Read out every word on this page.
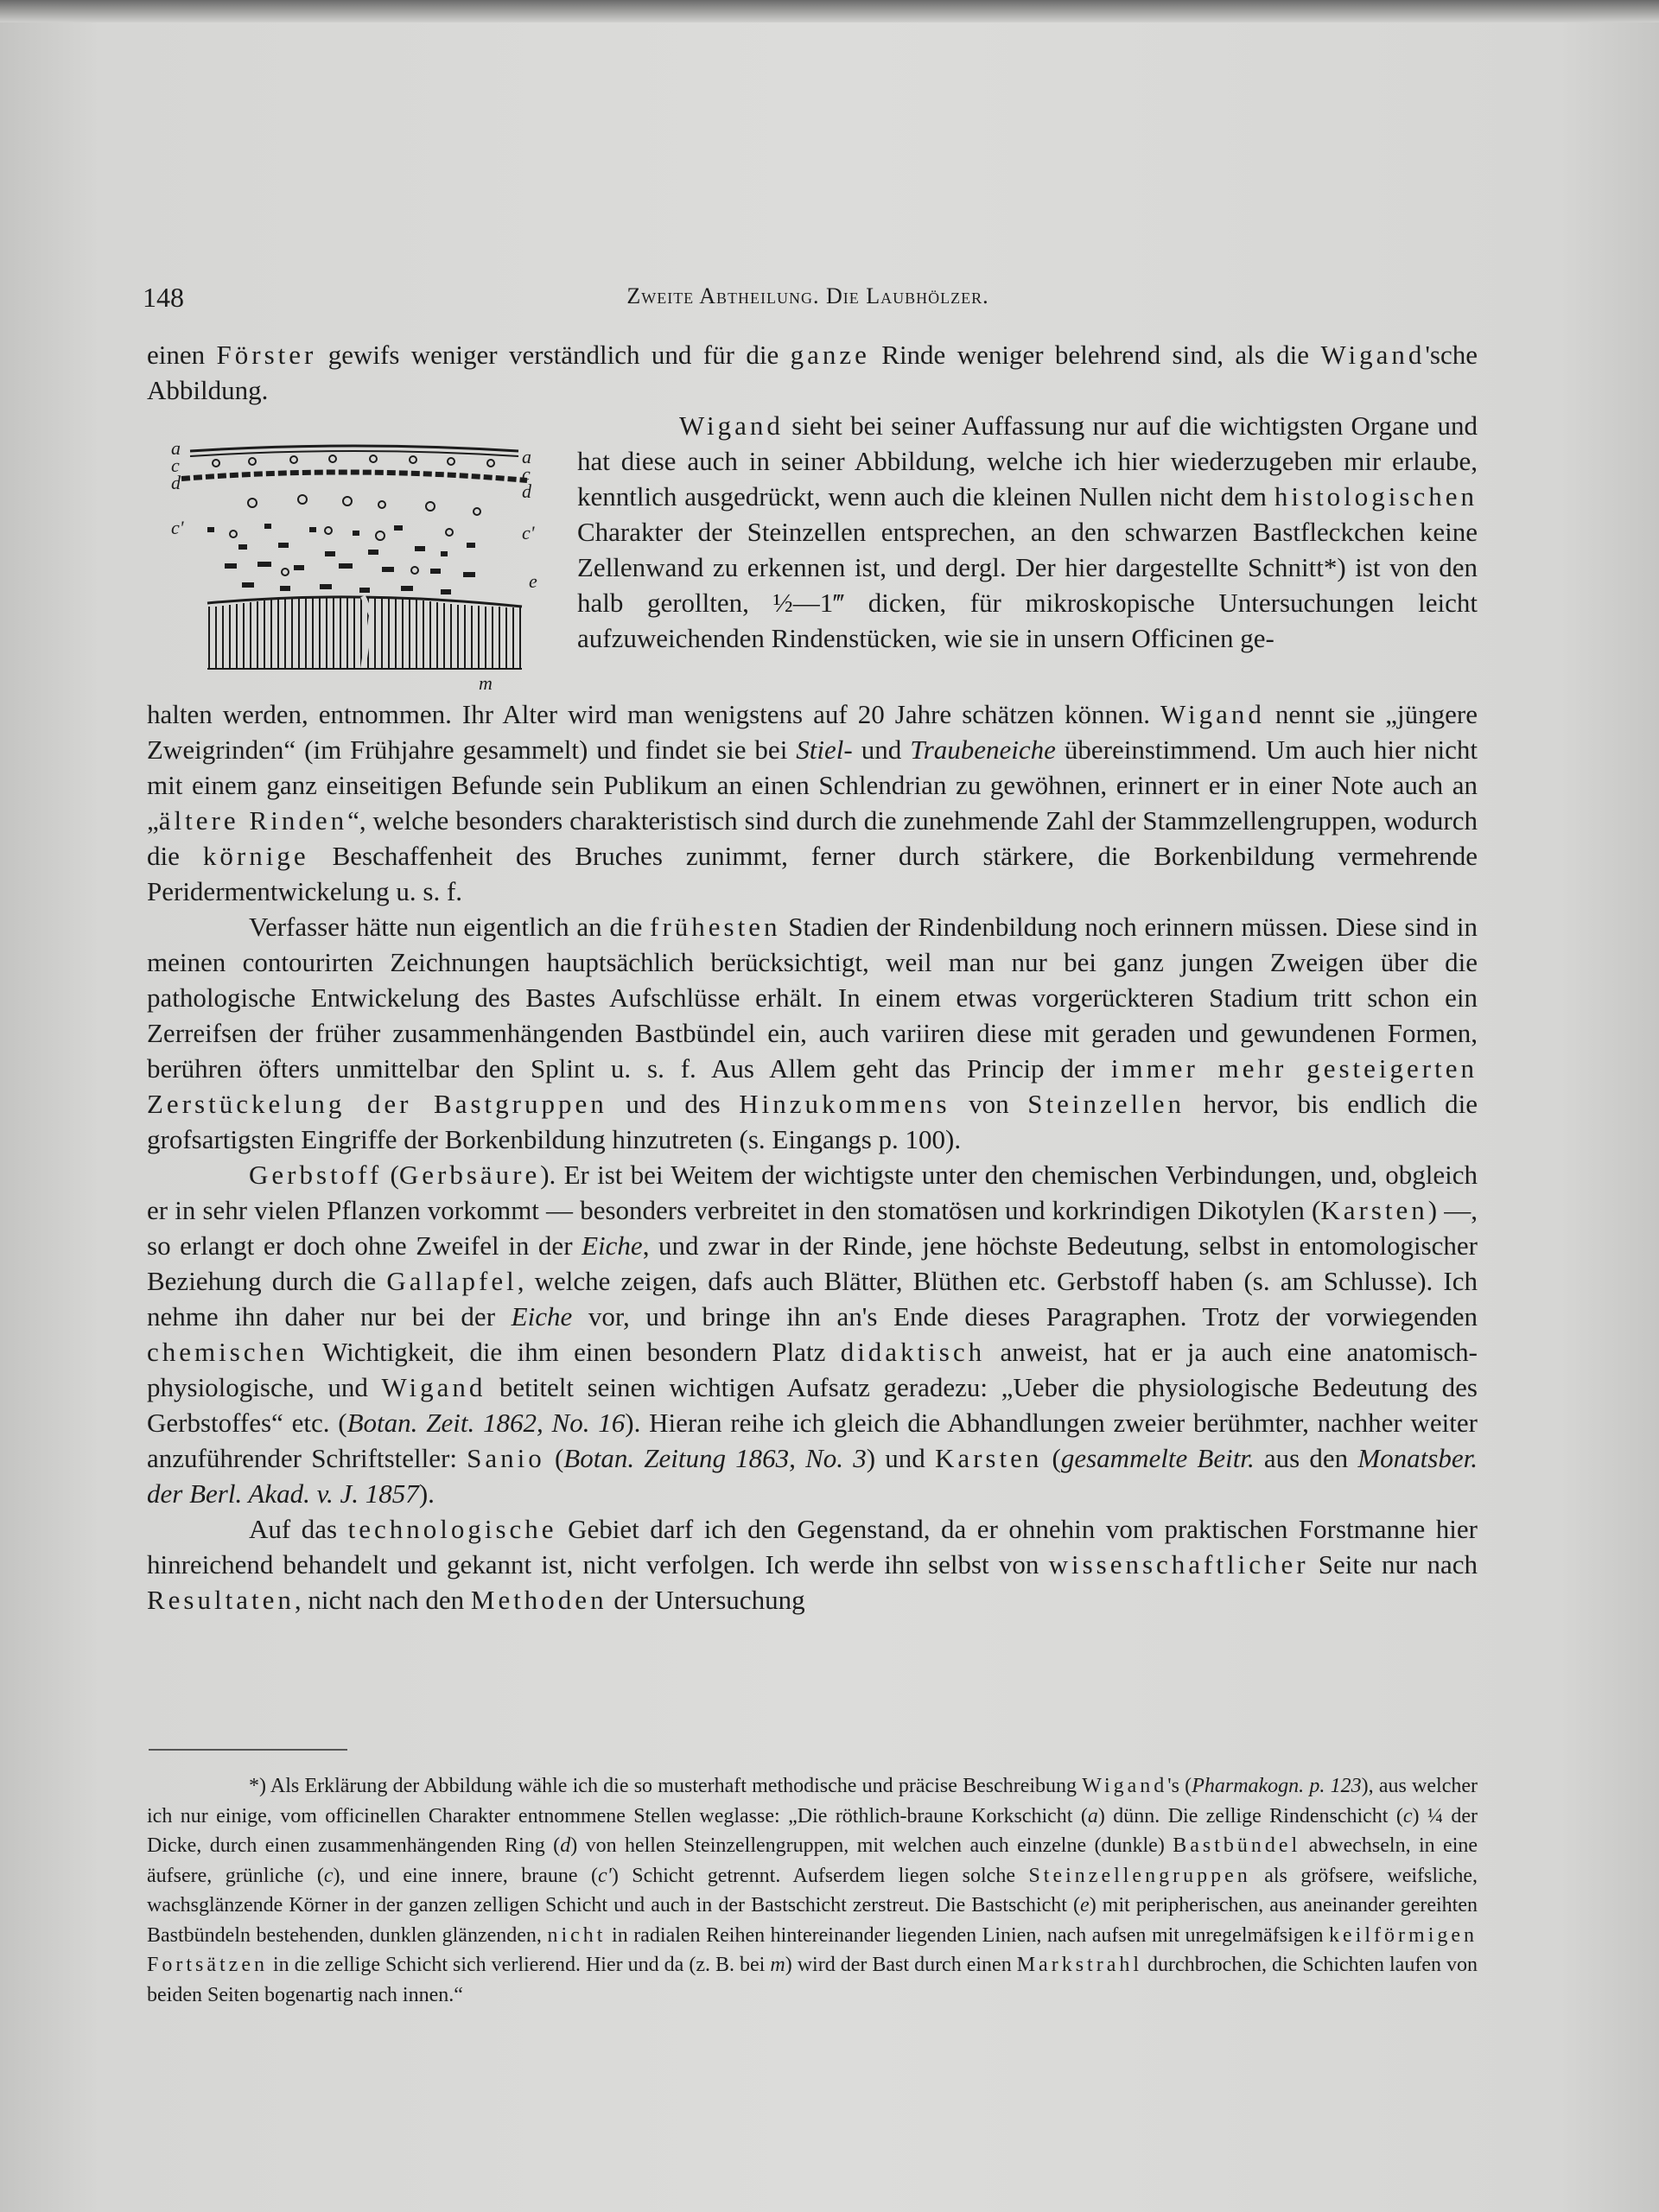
148	Zweite Abtheilung. Die Laubhölzer.

einen Förster gewifs weniger verständlich und für die ganze Rinde weniger belehrend sind, als die Wigand'sche Abbildung.

a
c
d
c'
a
c
d
c'
e
m

Wigand sieht bei seiner Auffassung nur auf die wichtigsten Organe und hat diese auch in seiner Abbildung, welche ich hier wiederzugeben mir erlaube, kenntlich ausgedrückt, wenn auch die kleinen Nullen nicht dem histologischen Charakter der Steinzellen entsprechen, an den schwarzen Bastfleckchen keine Zellenwand zu erkennen ist, und dergl. Der hier dargestellte Schnitt*) ist von den halb gerollten, ½—1‴ dicken, für mikroskopische Untersuchungen leicht aufzuweichenden Rindenstücken, wie sie in unsern Officinen ge-

halten werden, entnommen. Ihr Alter wird man wenigstens auf 20 Jahre schätzen können. Wigand nennt sie „jüngere Zweigrinden“ (im Frühjahre gesammelt) und findet sie bei Stiel- und Traubeneiche übereinstimmend. Um auch hier nicht mit einem ganz einseitigen Befunde sein Publikum an einen Schlendrian zu gewöhnen, erinnert er in einer Note auch an „ältere Rinden“, welche besonders charakteristisch sind durch die zunehmende Zahl der Stammzellengruppen, wodurch die körnige Beschaffenheit des Bruches zunimmt, ferner durch stärkere, die Borkenbildung vermehrende Peridermentwickelung u. s. f.

Verfasser hätte nun eigentlich an die frühesten Stadien der Rindenbildung noch erinnern müssen. Diese sind in meinen contourirten Zeichnungen hauptsächlich berücksichtigt, weil man nur bei ganz jungen Zweigen über die pathologische Entwickelung des Bastes Aufschlüsse erhält. In einem etwas vorgerückteren Stadium tritt schon ein Zerreifsen der früher zusammenhängenden Bastbündel ein, auch variiren diese mit geraden und gewundenen Formen, berühren öfters unmittelbar den Splint u. s. f. Aus Allem geht das Princip der immer mehr gesteigerten Zerstückelung der Bastgruppen und des Hinzukommens von Steinzellen hervor, bis endlich die grofsartigsten Eingriffe der Borkenbildung hinzutreten (s. Eingangs p. 100).

Gerbstoff (Gerbsäure). Er ist bei Weitem der wichtigste unter den chemischen Verbindungen, und, obgleich er in sehr vielen Pflanzen vorkommt — besonders verbreitet in den stomatösen und korkrindigen Dikotylen (Karsten) —, so erlangt er doch ohne Zweifel in der Eiche, und zwar in der Rinde, jene höchste Bedeutung, selbst in entomologischer Beziehung durch die Gallapfel, welche zeigen, dafs auch Blätter, Blüthen etc. Gerbstoff haben (s. am Schlusse). Ich nehme ihn daher nur bei der Eiche vor, und bringe ihn an's Ende dieses Paragraphen. Trotz der vorwiegenden chemischen Wichtigkeit, die ihm einen besondern Platz didaktisch anweist, hat er ja auch eine anatomisch-physiologische, und Wigand betitelt seinen wichtigen Aufsatz geradezu: „Ueber die physiologische Bedeutung des Gerbstoffes“ etc. (Botan. Zeit. 1862, No. 16). Hieran reihe ich gleich die Abhandlungen zweier berühmter, nachher weiter anzuführender Schriftsteller: Sanio (Botan. Zeitung 1863, No. 3) und Karsten (gesammelte Beitr. aus den Monatsber. der Berl. Akad. v. J. 1857).

Auf das technologische Gebiet darf ich den Gegenstand, da er ohnehin vom praktischen Forstmanne hier hinreichend behandelt und gekannt ist, nicht verfolgen. Ich werde ihn selbst von wissenschaftlicher Seite nur nach Resultaten, nicht nach den Methoden der Untersuchung

*) Als Erklärung der Abbildung wähle ich die so musterhaft methodische und präcise Beschreibung Wigand's (Pharmakogn. p. 123), aus welcher ich nur einige, vom officinellen Charakter entnommene Stellen weglasse: „Die röthlich-braune Korkschicht (a) dünn. Die zellige Rindenschicht (c) ¼ der Dicke, durch einen zusammenhängenden Ring (d) von hellen Steinzellengruppen, mit welchen auch einzelne (dunkle) Bastbündel abwechseln, in eine äufsere, grünliche (c), und eine innere, braune (c') Schicht getrennt. Aufserdem liegen solche Steinzellengruppen als gröfsere, weifsliche, wachsglänzende Körner in der ganzen zelligen Schicht und auch in der Bastschicht zerstreut. Die Bastschicht (e) mit peripherischen, aus aneinander gereihten Bastbündeln bestehenden, dunklen glänzenden, nicht in radialen Reihen hintereinander liegenden Linien, nach aufsen mit unregelmäfsigen keilförmigen Fortsätzen in die zellige Schicht sich verlierend. Hier und da (z. B. bei m) wird der Bast durch einen Markstrahl durchbrochen, die Schichten laufen von beiden Seiten bogenartig nach innen.“
